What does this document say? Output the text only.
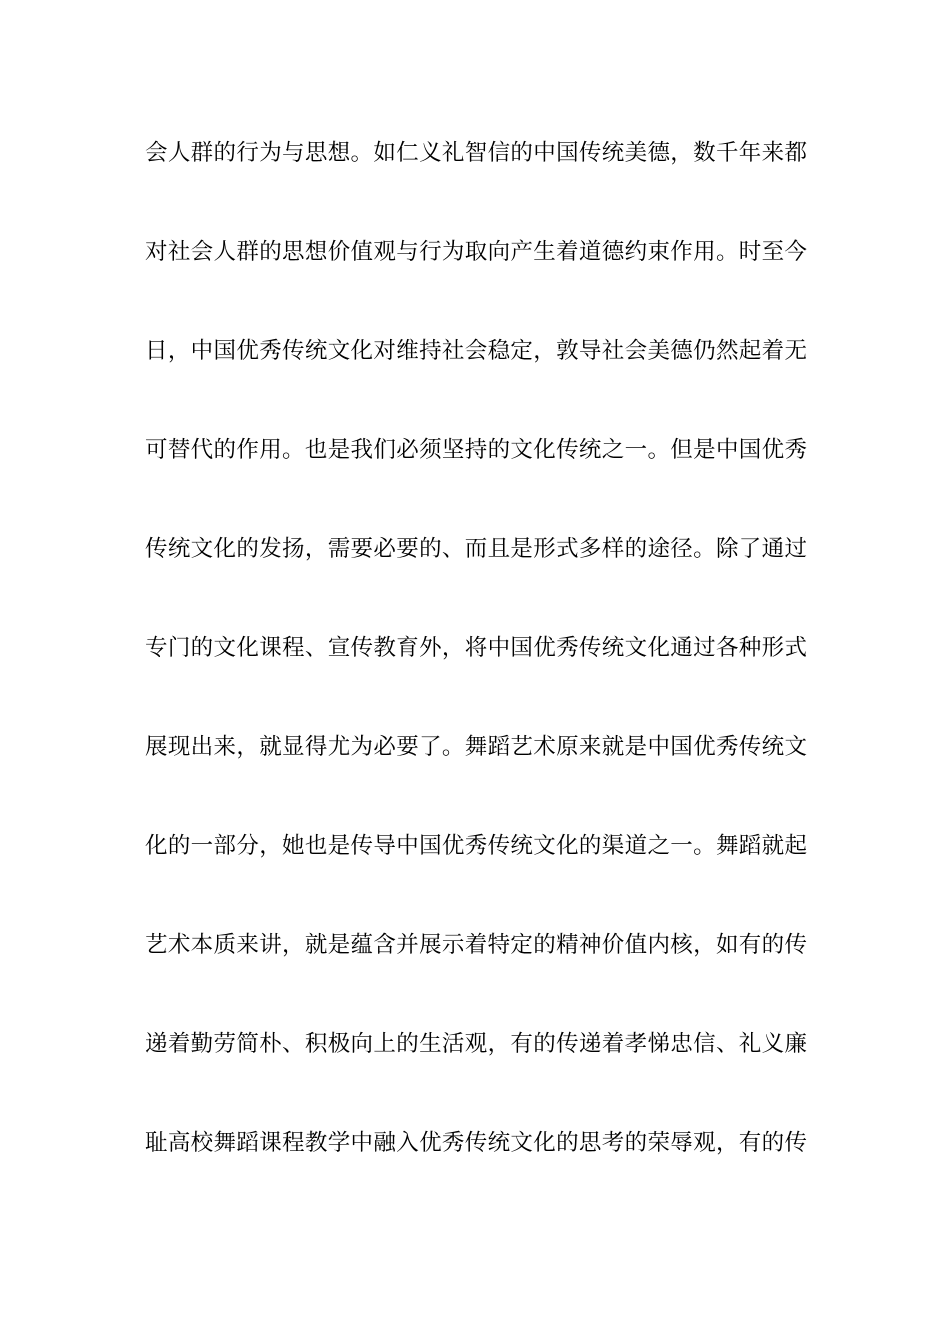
会人群的行为与思想。如仁义礼智信的中国传统美德，数千年来都
对社会人群的思想价值观与行为取向产生着道德约束作用。时至今
日，中国优秀传统文化对维持社会稳定，敦导社会美德仍然起着无
可替代的作用。也是我们必须坚持的文化传统之一。但是中国优秀
传统文化的发扬，需要必要的、而且是形式多样的途径。除了通过
专门的文化课程、宣传教育外，将中国优秀传统文化通过各种形式
展现出来，就显得尤为必要了。舞蹈艺术原来就是中国优秀传统文
化的一部分，她也是传导中国优秀传统文化的渠道之一。舞蹈就起
艺术本质来讲，就是蕴含并展示着特定的精神价值内核，如有的传
递着勤劳简朴、积极向上的生活观，有的传递着孝悌忠信、礼义廉
耻高校舞蹈课程教学中融入优秀传统文化的思考的荣辱观，有的传
